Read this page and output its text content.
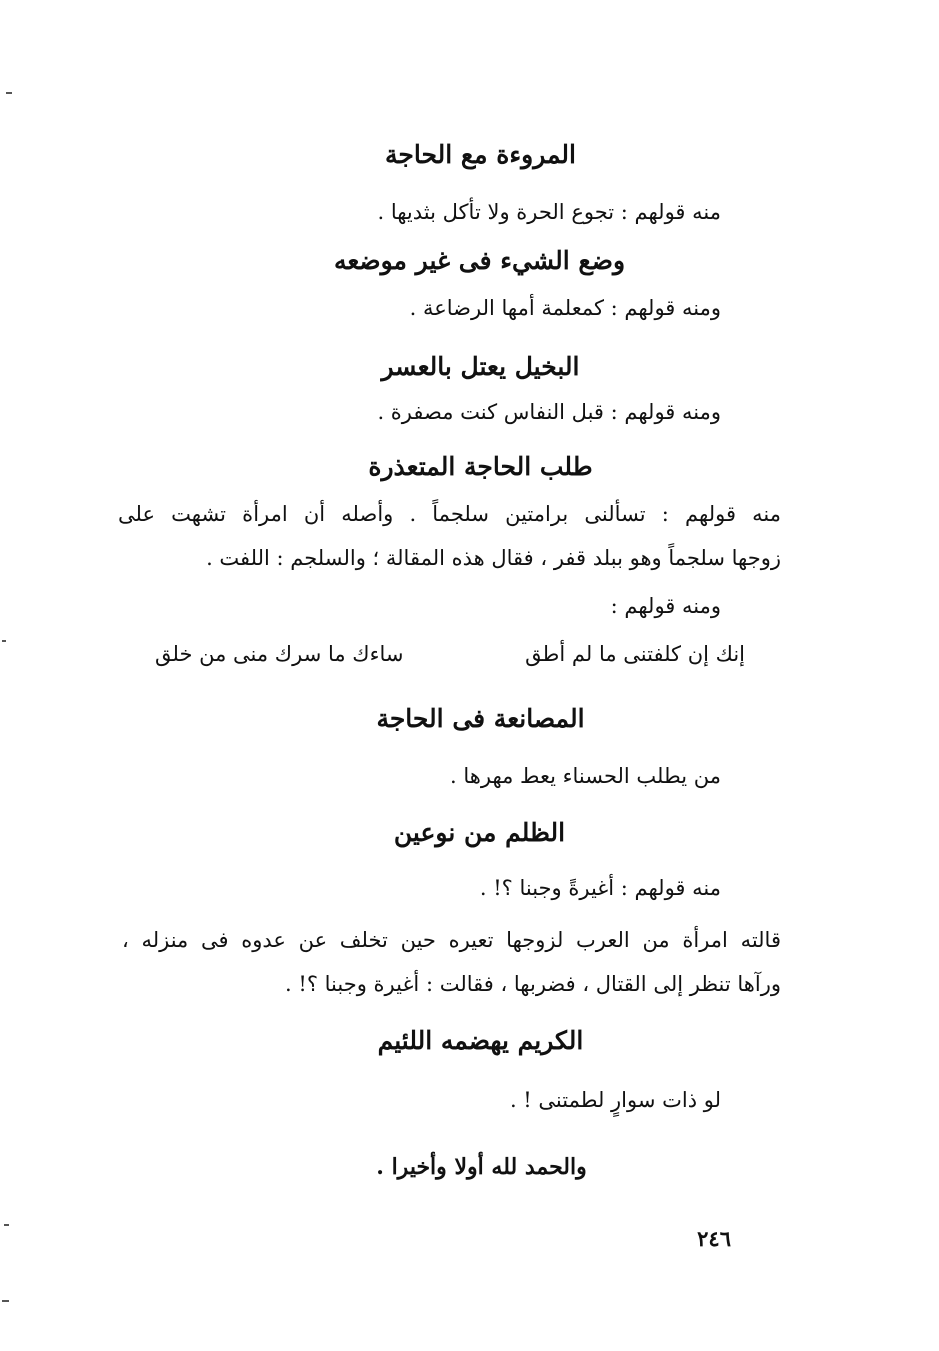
المروءة مع الحاجة
منه قولهم : تجوع الحرة ولا تأكل بثديها .
وضع الشيء فى غير موضعه
ومنه قولهم : كمعلمة أمها الرضاعة .
البخيل يعتل بالعسر
ومنه قولهم : قبل النفاس كنت مصفرة .
طلب الحاجة المتعذرة
منه قولهم : تسألنى برامتين سلجماً . وأصله أن امرأة تشهت على
زوجها سلجماً وهو ببلد قفر ، فقال هذه المقالة ؛ والسلجم : اللفت .
ومنه قولهم :
إنك إن كلفتنى ما لم أطق
ساءك ما سرك منى من خلق
المصانعة فى الحاجة
من يطلب الحسناء يعط مهرها .
الظلم من نوعين
منه قولهم : أغيرةً وجبنا ؟! .
قالته امرأة من العرب لزوجها تعيره حين تخلف عن عدوه فى منزله ،
ورآها تنظر إلى القتال ، فضربها ، فقالت : أغيرة وجبنا ؟! .
الكريم يهضمه اللئيم
لو ذات سوارٍ لطمتنى ! .
والحمد لله أولا وأخيرا .
٢٤٦
